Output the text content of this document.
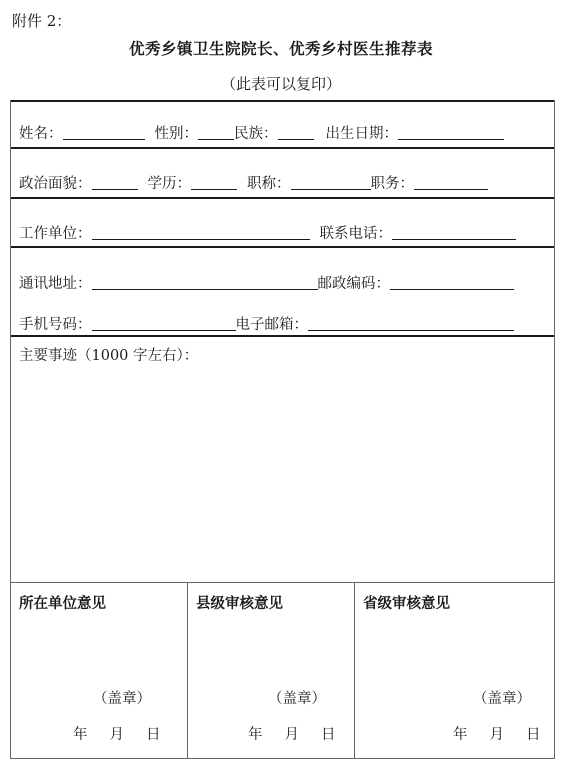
附件 2：
优秀乡镇卫生院院长、优秀乡村医生推荐表
（此表可以复印）
姓名：	性别： 民族：	出生日期：
政治面貌：	学历：	职称：	职务：
工作单位：	联系电话：
通讯地址：	邮政编码：
手机号码：	电子邮箱：
主要事迹（1000 字左右）：
所在单位意见
（盖章）
年 月 日
县级审核意见
（盖章）
年 月 日
省级审核意见
（盖章）
年 月 日
